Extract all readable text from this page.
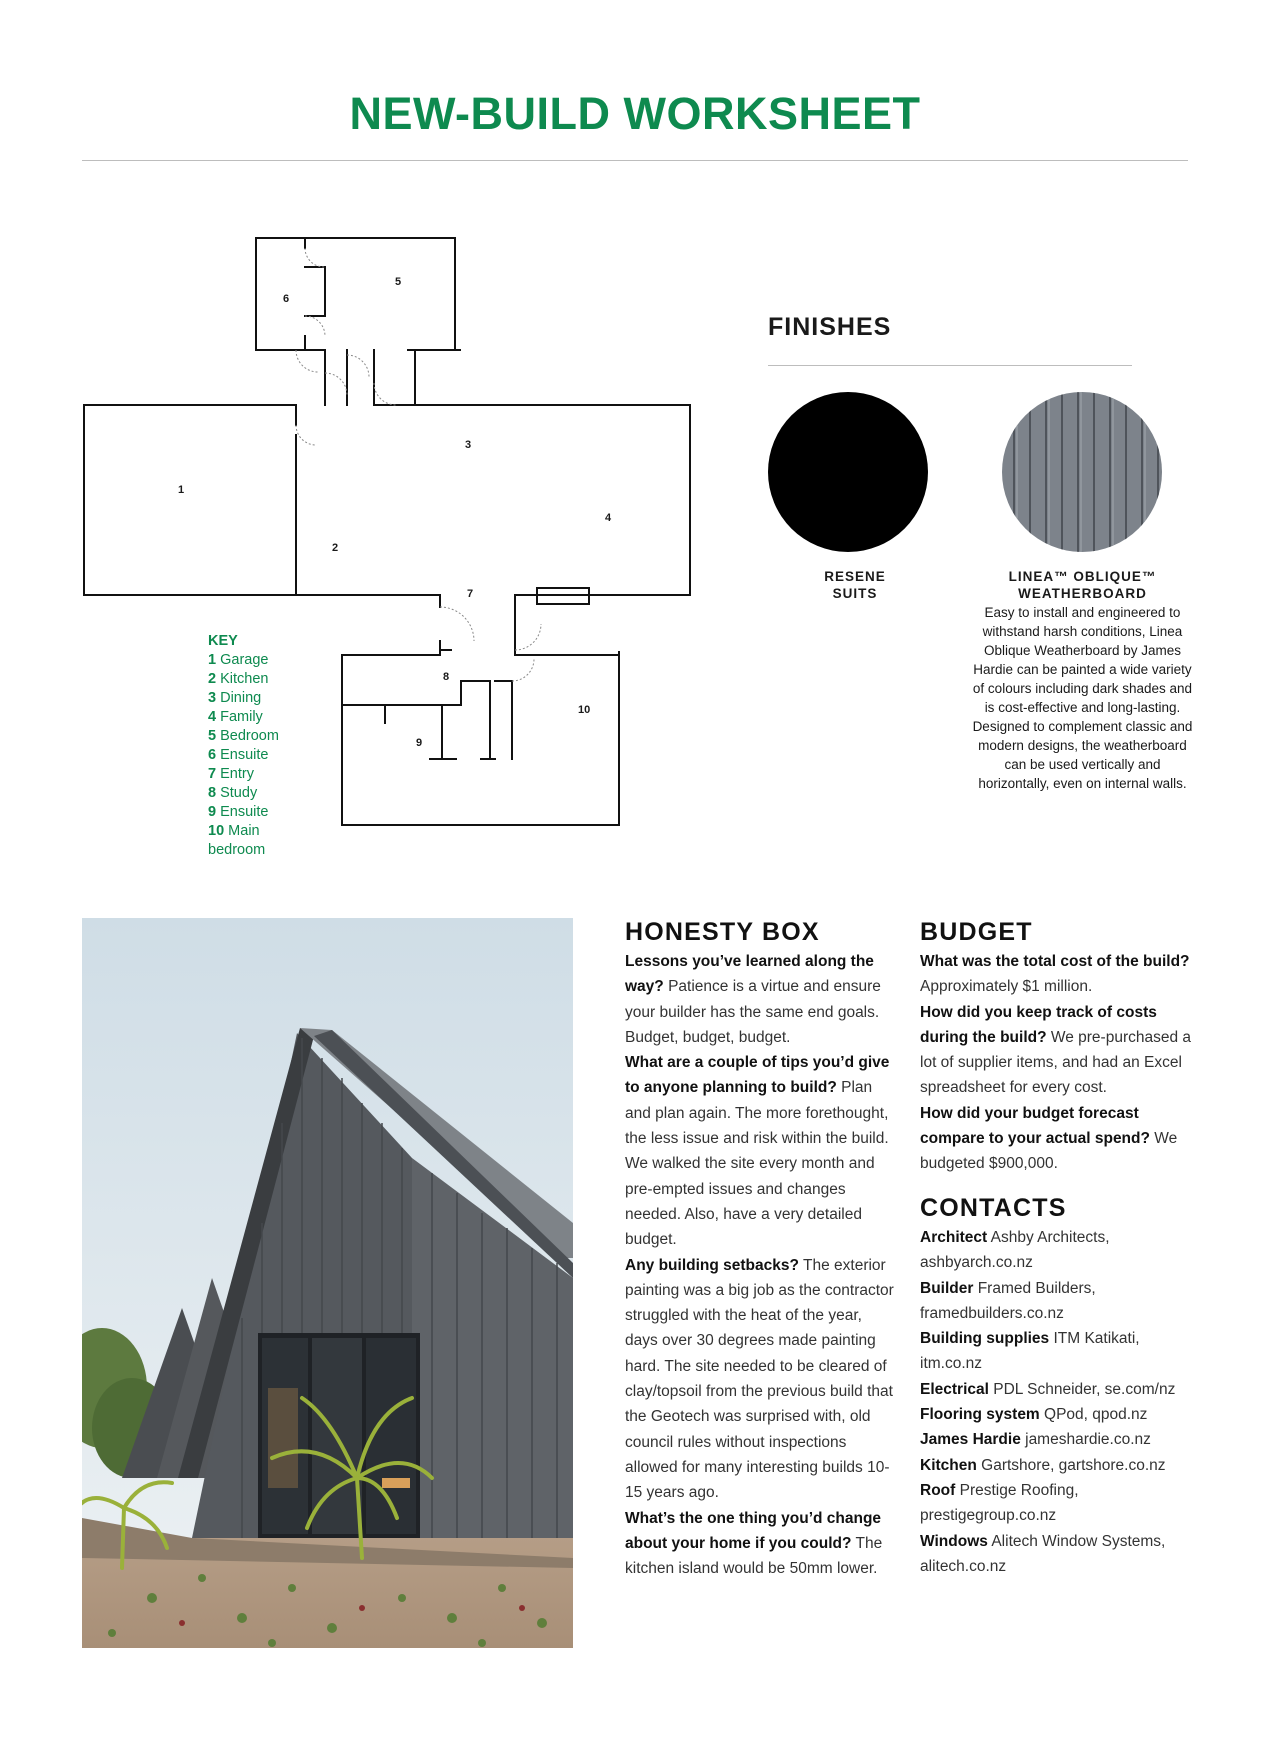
NEW-BUILD WORKSHEET
5
6
3
1
4
2
7
8
10
9
KEY
1 Garage
2 Kitchen
3 Dining
4 Family
5 Bedroom
6 Ensuite
7 Entry
8 Study
9 Ensuite
10 Main bedroom
FINISHES
RESENE
SUITS
LINEA™ OBLIQUE™
WEATHERBOARD
Easy to install and engineered to withstand harsh conditions, Linea Oblique Weatherboard by James Hardie can be painted a wide variety of colours including dark shades and is cost-effective and long-lasting. Designed to complement classic and modern designs, the weatherboard can be used vertically and horizontally, even on internal walls.
HONESTY BOX

Lessons you’ve learned along the way? Patience is a virtue and ensure your builder has the same end goals. Budget, budget, budget.

What are a couple of tips you’d give to anyone planning to build? Plan and plan again. The more forethought, the less issue and risk within the build. We walked the site every month and pre-empted issues and changes needed. Also, have a very detailed budget.

Any building setbacks? The exterior painting was a big job as the contractor struggled with the heat of the year, days over 30 degrees made painting hard. The site needed to be cleared of clay/topsoil from the previous build that the Geotech was surprised with, old council rules without inspections allowed for many interesting builds 10-15 years ago.

What’s the one thing you’d change about your home if you could? The kitchen island would be 50mm lower.

BUDGET

What was the total cost of the build? Approximately $1 million.

How did you keep track of costs during the build? We pre-purchased a lot of supplier items, and had an Excel spreadsheet for every cost.

How did your budget forecast compare to your actual spend? We budgeted $900,000.

CONTACTS

Architect Ashby Architects, ashbyarch.co.nz

Builder Framed Builders, framedbuilders.co.nz

Building supplies ITM Katikati, itm.co.nz

Electrical PDL Schneider, se.com/nz

Flooring system QPod, qpod.nz

James Hardie jameshardie.co.nz

Kitchen Gartshore, gartshore.co.nz

Roof Prestige Roofing, prestigegroup.co.nz

Windows Alitech Window Systems, alitech.co.nz
